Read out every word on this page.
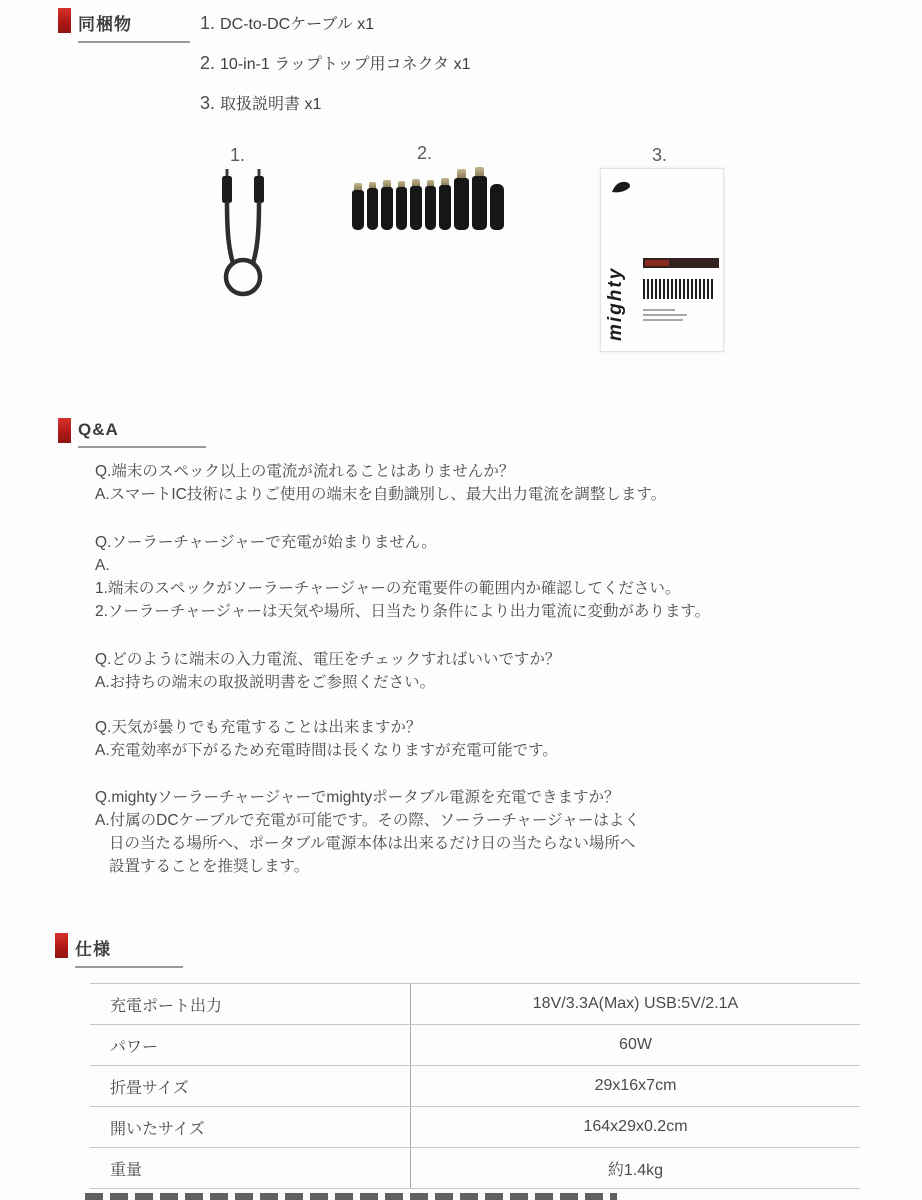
同梱物	1. DC-to-DCケーブル x1
2. 10-in-1 ラップトップ用コネクタ x1
3. 取扱説明書 x1
1.	2.	3.
mighty
Q&A
Q.端末のスペック以上の電流が流れることはありませんか？
A.スマートIC技術によりご使用の端末を自動識別し、最大出力電流を調整します。
Q.ソーラーチャージャーで充電が始まりません。
A.
1.端末のスペックがソーラーチャージャーの充電要件の範囲内か確認してください。
2.ソーラーチャージャーは天気や場所、日当たり条件により出力電流に変動があります。
Q.どのように端末の入力電流、電圧をチェックすればいいですか？
A.お持ちの端末の取扱説明書をご参照ください。
Q.天気が曇りでも充電することは出来ますか？
A.充電効率が下がるため充電時間は長くなりますが充電可能です。
Q.mightyソーラーチャージャーでmightyポータブル電源を充電できますか？
A.付属のDCケーブルで充電が可能です。その際、ソーラーチャージャーはよく
日の当たる場所へ、ポータブル電源本体は出来るだけ日の当たらない場所へ
設置することを推奨します。
仕様
充電ポート出力	18V/3.3A(Max) USB:5V/2.1A
パワー	60W
折畳サイズ	29x16x7cm
開いたサイズ	164x29x0.2cm
重量	約1.4kg
